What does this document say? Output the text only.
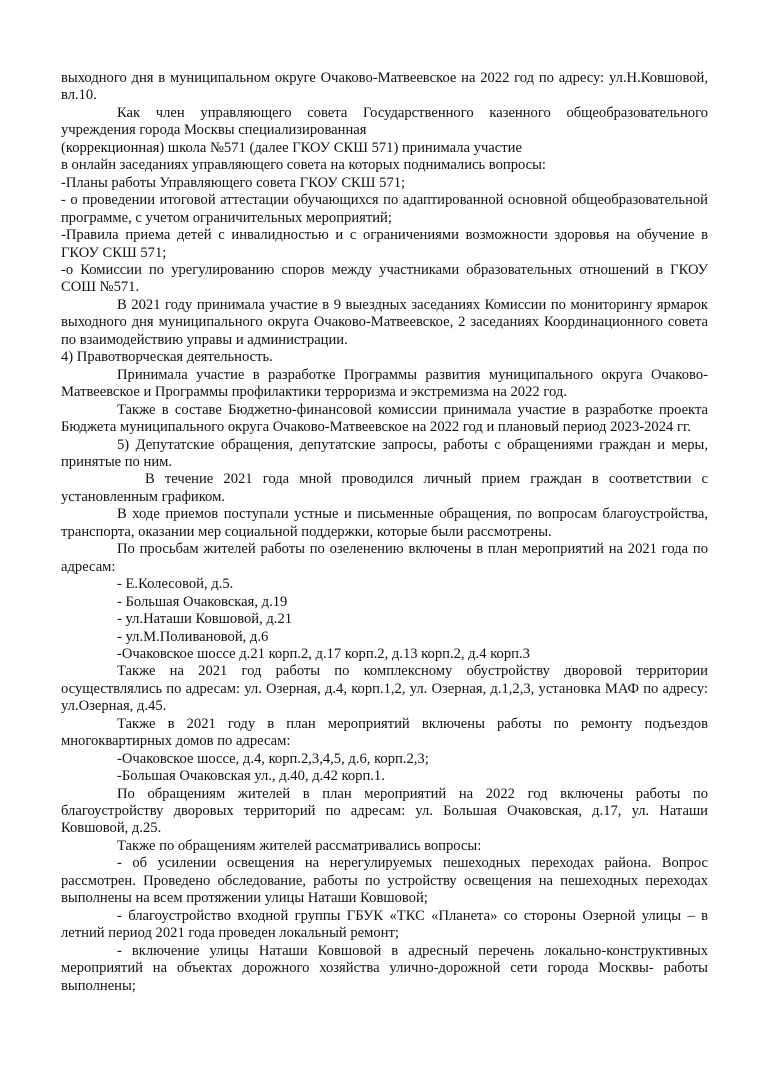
выходного дня в муниципальном округе Очаково-Матвеевское на 2022 год по адресу: ул.Н.Ковшовой, вл.10.

Как член управляющего совета Государственного казенного общеобразовательного учреждения города Москвы специализированная

(коррекционная) школа №571 (далее ГКОУ СКШ 571) принимала участие

в онлайн заседаниях управляющего совета на которых поднимались вопросы:

-Планы работы Управляющего совета ГКОУ СКШ 571;

- о проведении итоговой аттестации обучающихся по адаптированной основной общеобразовательной программе, с учетом ограничительных мероприятий;

-Правила приема детей с инвалидностью и с ограничениями возможности здоровья на обучение в ГКОУ СКШ 571;

-о Комиссии по урегулированию споров между участниками образовательных отношений в ГКОУ СОШ №571.

В 2021 году принимала участие в 9 выездных заседаниях Комиссии по мониторингу ярмарок выходного дня муниципального округа Очаково-Матвеевское, 2 заседаниях Координационного совета по взаимодействию управы и администрации.

4) Правотворческая деятельность.

Принимала участие в разработке Программы развития муниципального округа Очаково-Матвеевское и Программы профилактики терроризма и экстремизма на 2022 год.

Также в составе Бюджетно-финансовой комиссии принимала участие в разработке проекта Бюджета муниципального округа Очаково-Матвеевское на 2022 год и плановый период 2023-2024 гг.

5) Депутатские обращения, депутатские запросы, работы с обращениями граждан и меры, принятые по ним.

В течение 2021 года мной проводился личный прием граждан в соответствии с установленным графиком.

В ходе приемов поступали устные и письменные обращения, по вопросам благоустройства, транспорта, оказании мер социальной поддержки, которые были рассмотрены.

По просьбам жителей работы по озеленению включены в план мероприятий на 2021 года по адресам:

- Е.Колесовой, д.5.

- Большая Очаковская, д.19

- ул.Наташи Ковшовой, д.21

- ул.М.Поливановой, д.6

-Очаковское шоссе д.21 корп.2, д.17 корп.2, д.13 корп.2, д.4 корп.3

Также на 2021 год работы по комплексному обустройству дворовой территории осуществлялись по адресам: ул. Озерная, д.4, корп.1,2, ул. Озерная, д.1,2,3, установка МАФ по адресу: ул.Озерная, д.45.

Также в 2021 году в план мероприятий включены работы по ремонту подъездов многоквартирных домов по адресам:

-Очаковское шоссе, д.4, корп.2,3,4,5, д.6, корп.2,3;

-Большая Очаковская ул., д.40, д.42 корп.1.

По обращениям жителей в план мероприятий на 2022 год включены работы по благоустройству дворовых территорий по адресам: ул. Большая Очаковская, д.17, ул. Наташи Ковшовой, д.25.

Также по обращениям жителей рассматривались вопросы:

- об усилении освещения на нерегулируемых пешеходных переходах района. Вопрос рассмотрен. Проведено обследование, работы по устройству освещения на пешеходных переходах выполнены на всем протяжении улицы Наташи Ковшовой;

- благоустройство входной группы ГБУК «ТКС «Планета» со стороны Озерной улицы – в летний период 2021 года проведен локальный ремонт;

- включение улицы Наташи Ковшовой в адресный перечень локально-конструктивных мероприятий на объектах дорожного хозяйства улично-дорожной сети города Москвы- работы выполнены;
